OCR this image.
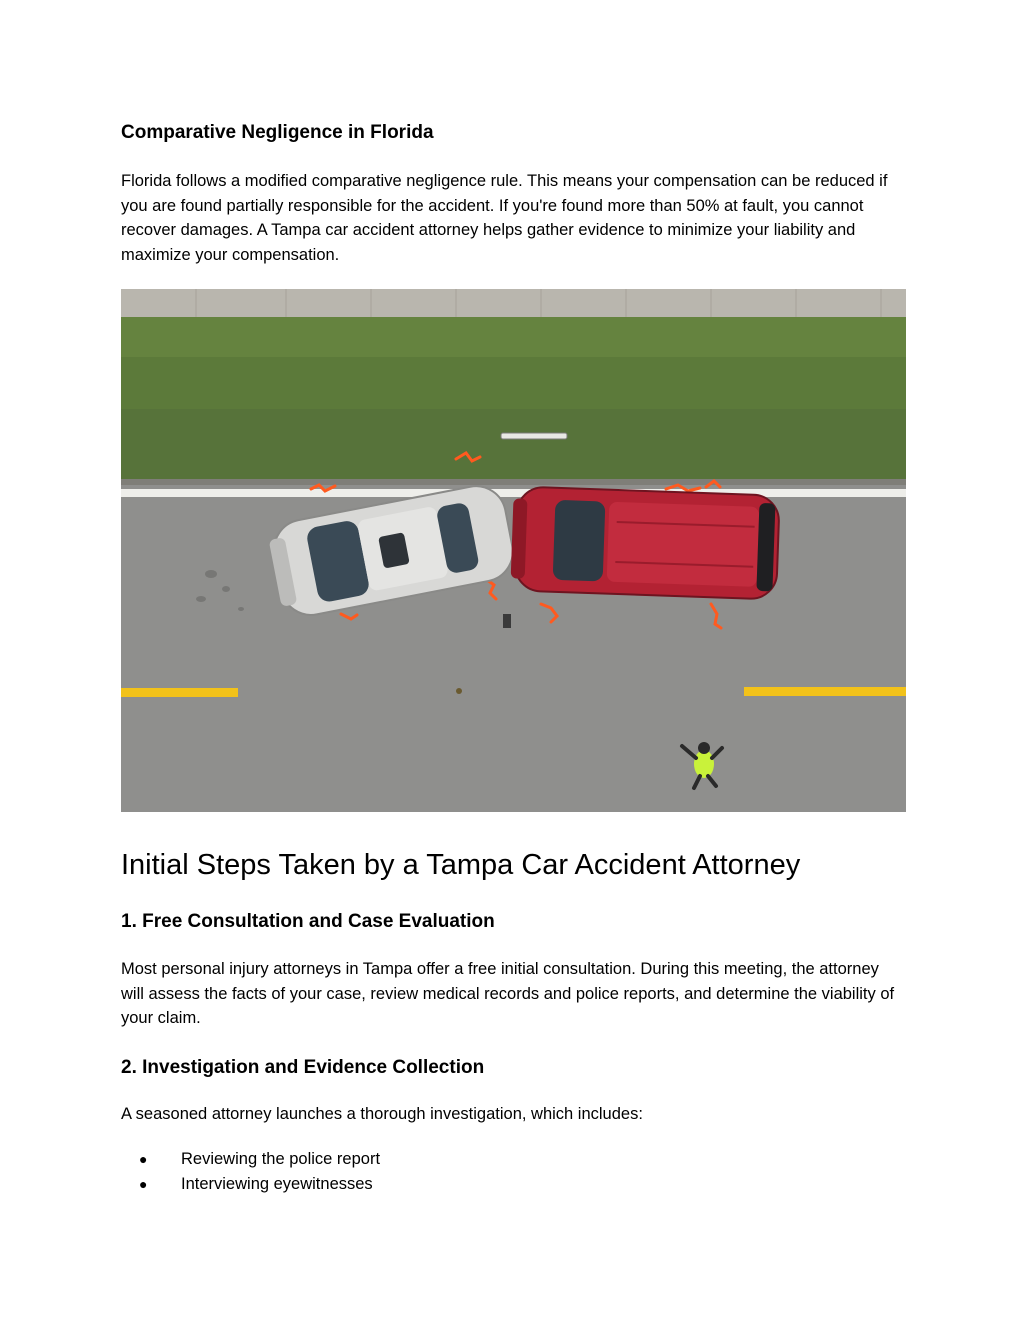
Comparative Negligence in Florida

Florida follows a modified comparative negligence rule. This means your compensation can be reduced if you are found partially responsible for the accident. If you're found more than 50% at fault, you cannot recover damages. A Tampa car accident attorney helps gather evidence to minimize your liability and maximize your compensation.

Initial Steps Taken by a Tampa Car Accident Attorney
1. Free Consultation and Case Evaluation

Most personal injury attorneys in Tampa offer a free initial consultation. During this meeting, the attorney will assess the facts of your case, review medical records and police reports, and determine the viability of your claim.

2. Investigation and Evidence Collection

A seasoned attorney launches a thorough investigation, which includes:

● Reviewing the police report
● Interviewing eyewitnesses
